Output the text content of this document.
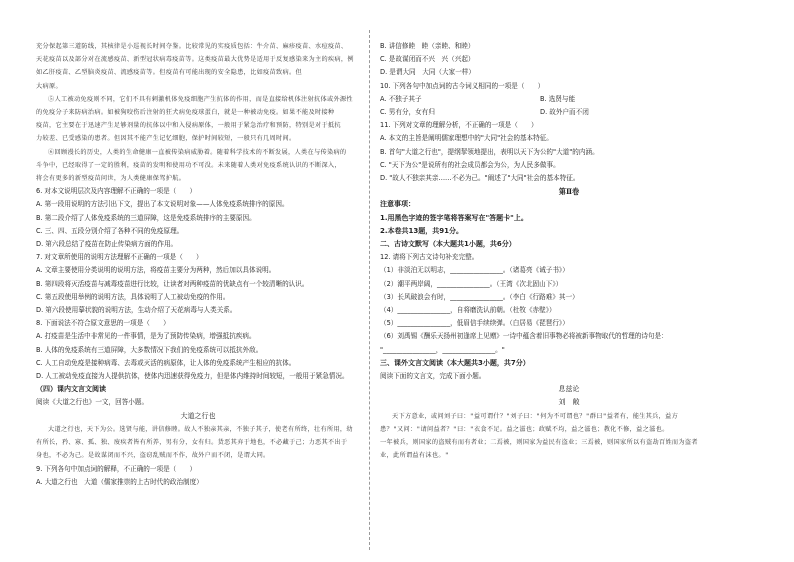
充分保起第三道防线，其核律是小巡视长时间夺鉴。比较常见的实疫质包括：牛介苗、麻疹疫苗、水痘疫苗、
天花疫苗以及部分对在流感疫苗、新型冠状病毒疫苗等。这类疫苗最大优势是适用于反复感染来为主的疾病，例
如乙肝疫苗、乙型脑炎疫苗、流感疫苗等。但疫苗有可能出现的安全隐患，比如疫苗致病。但
大病原。
⑤人工被动免疫则不同，它们不具有刺激机体免疫细胞产生抗体的作用，而是直接给机体注射抗体或外源性
的免疫分子来防病治病。如被狗咬伤后注射的狂犬病免疫球蛋白，就是一种被动免疫。如果不能及时接种
疫苗，它主要在于迅速产生足够剂量的抗体以中和入侵病原体，一般用于紧急治疗和预防，特别是对于抵抗
力较差、已受感染的患者。但因其不能产生记忆细胞，保护时间较短，一般只有几周时间。
⑥回顾漫长的历史，人类的生命健康一直被传染病威胁着。随着科学技术的不断发展，人类在与传染病的
斗争中，已经取得了一定的胜利，疫苗的发明和使用功不可没。未来随着人类对免疫系统认识的不断深入，
将会有更多的新型疫苗问世，为人类健康保驾护航。
6. 对本文说明层次及内容理解不正确的一项是（　　）
A. 第一段用说明的方法引出下文，提出了本文说明对象——人体免疫系统排序的原因。
B. 第二段介绍了人体免疫系统的三道屏障，这是免疫系统排序的主要原因。
C. 三、四、五段分别介绍了各种不同的免疫原理。
D. 第六段总结了疫苗在防止传染病方面的作用。
7. 对文章所使用的说明方法理解不正确的一项是（　　）
A. 文章主要使用分类说明的说明方法，将疫苗主要分为两种，然后加以具体说明。
B. 第四段将灭活疫苗与减毒疫苗进行比较，让读者对两种疫苗的优缺点有一个较清晰的认识。
C. 第五段使用举例的说明方法，具体说明了人工被动免疫的作用。
D. 第六段使用摹状貌的说明方法，生动介绍了天花病毒与人类关系。
8. 下面说法不符合原文意思的一项是（　　）
A. 打疫苗是生活中非常见的一件事情，是为了预防传染病，增强抵抗疾病。
B. 人体的免疫系统有三道屏障，大多数情况下我们的免疫系统可以抵抗外敌。
C. 人工自动免疫是接种病毒、去毒或灭活的病原体，让人体的免疫系统产生相应的抗体。
D. 人工被动免疫直接为人提供抗体，使体内迅速获得免疫力，但是体内维持时间较短，一般用于紧急情况。
（四）课内文言文阅读
阅读《大道之行也》一文，回答小题。
大道之行也
大道之行也，天下为公。选贤与能，讲信修睦。故人不独亲其亲，不独子其子，使老有所终，壮有所用，幼
有所长，矜、寡、孤、独、废疾者皆有所养，男有分，女有归。货恶其弃于地也，不必藏于己；力恶其不出于
身也，不必为己。是故谋闭而不兴，盗窃乱贼而不作，故外户而不闭，是谓大同。
9. 下列各句中加点词的解释，不正确的一项是（　　）
A. 大道之行也　大道（儒家推崇的上古时代的政治制度）
B. 讲信修睦　睦（亲睦、和睦）
C. 是故谋闭而不兴　兴（兴起）
D. 是谓大同　大同（大家一样）
10. 下列各句中加点词的古今词义相同的一项是（　　）
A. 不独子其子	B. 选贤与能
C. 男有分，女有归	D. 故外户而不闭
11. 下列对文章的理解分析，不正确的一项是（　　）
A. 本文的主旨是阐明儒家理想中的"大同"社会的基本特征。
B. 首句"大道之行也"，提纲挈领地提出，表明以天下为公的"大道"的内涵。
C. "天下为公"是说所有的社会成员都会为公，为人民多做事。
D. "故人不独亲其亲……不必为己。"阐述了"大同"社会的基本特征。
第Ⅱ卷
注意事项：
1.用黑色字迹的签字笔将答案写在"答题卡"上。
2.本卷共13题，共91分。
二、古诗文默写（本大题共1小题，共6分）
12. 请将下列古文诗句补充完整。
（1）非淡泊无以明志，________________。（诸葛亮《诫子书》）
（2）潮平两岸阔，________________。（王湾《次北固山下》）
（3）长风破浪会有时，________________。（李白《行路难》其一）
（4）________________，自将磨洗认前朝。（杜牧《赤壁》）
（5）________________，低眉信手续续弹。（白居易《琵琶行》）
（6）刘禹锡《酬乐天扬州初逢席上见赠》一诗中蕴含着旧事物必将被新事物取代的哲理的诗句是：
"________________，________________。"
三、课外文言文阅读（本大题共3小题，共7分）
阅读下面的文言文，完成下面小题。
息兹论
刘　敞
天下方意业，或问刘子曰："益可谓什？"刘子曰："何为不可谓也？"群曰"益者有，能生其兵，益方
患？"又问："请问益者？"曰："衣食不足。益之滋也；政赋不均，益之滋也；教化不修，益之滋也。
一年被兵，则国家的盗贼有而有者业；二焉被，则国家为益民有盗业；三焉被，则国家所以有盗劫百姓而为盗者
业，此所谓益有沫也。"
